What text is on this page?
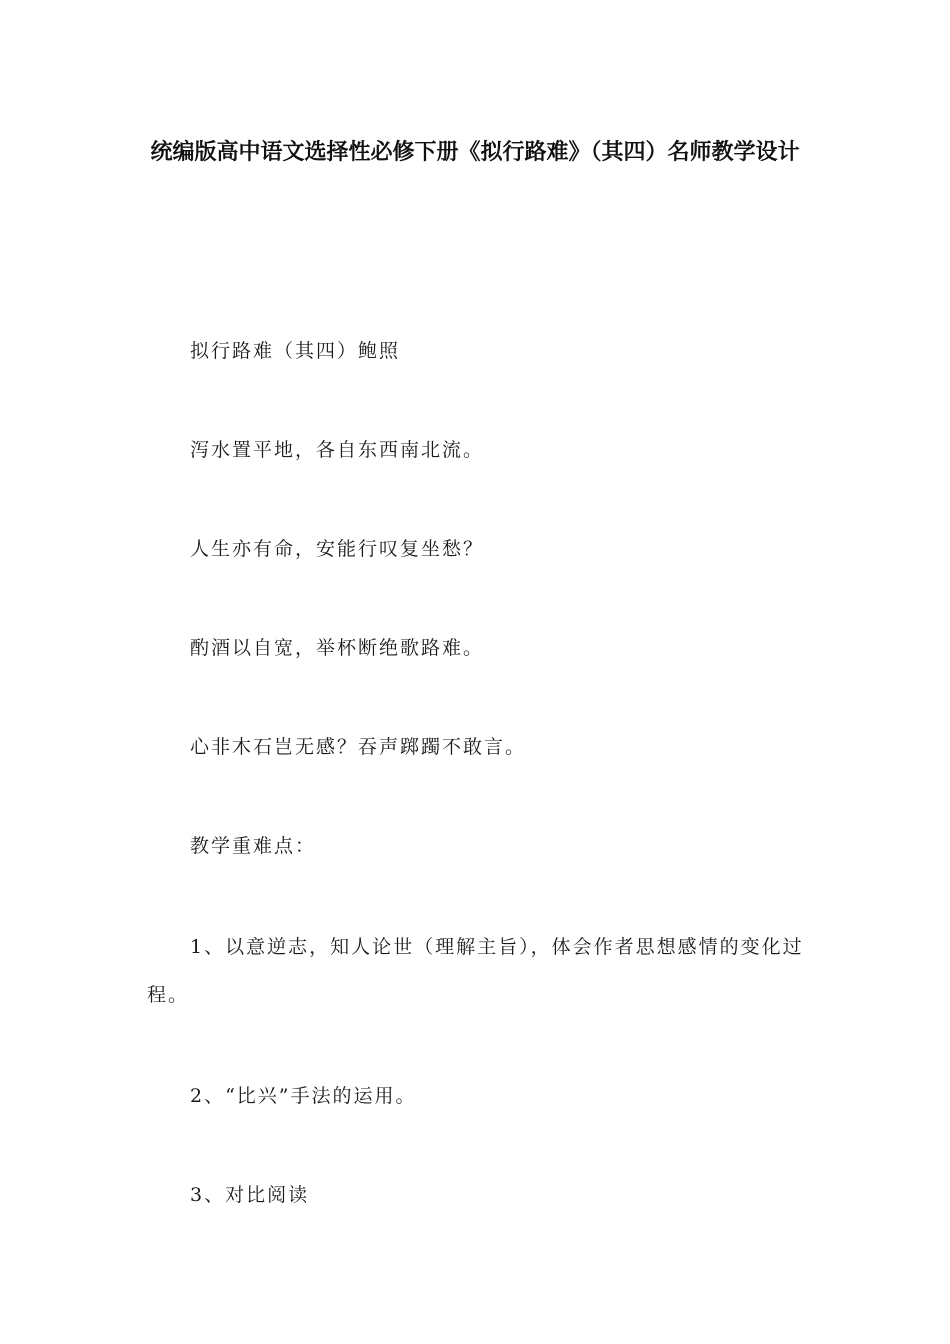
统编版高中语文选择性必修下册《拟行路难》（其四）名师教学设计
拟行路难（其四）鲍照
泻水置平地，各自东西南北流。
人生亦有命，安能行叹复坐愁？
酌酒以自宽，举杯断绝歌路难。
心非木石岂无感？吞声踯躅不敢言。
教学重难点：
1、以意逆志，知人论世（理解主旨），体会作者思想感情的变化过程。
2、“比兴”手法的运用。
3、对比阅读
